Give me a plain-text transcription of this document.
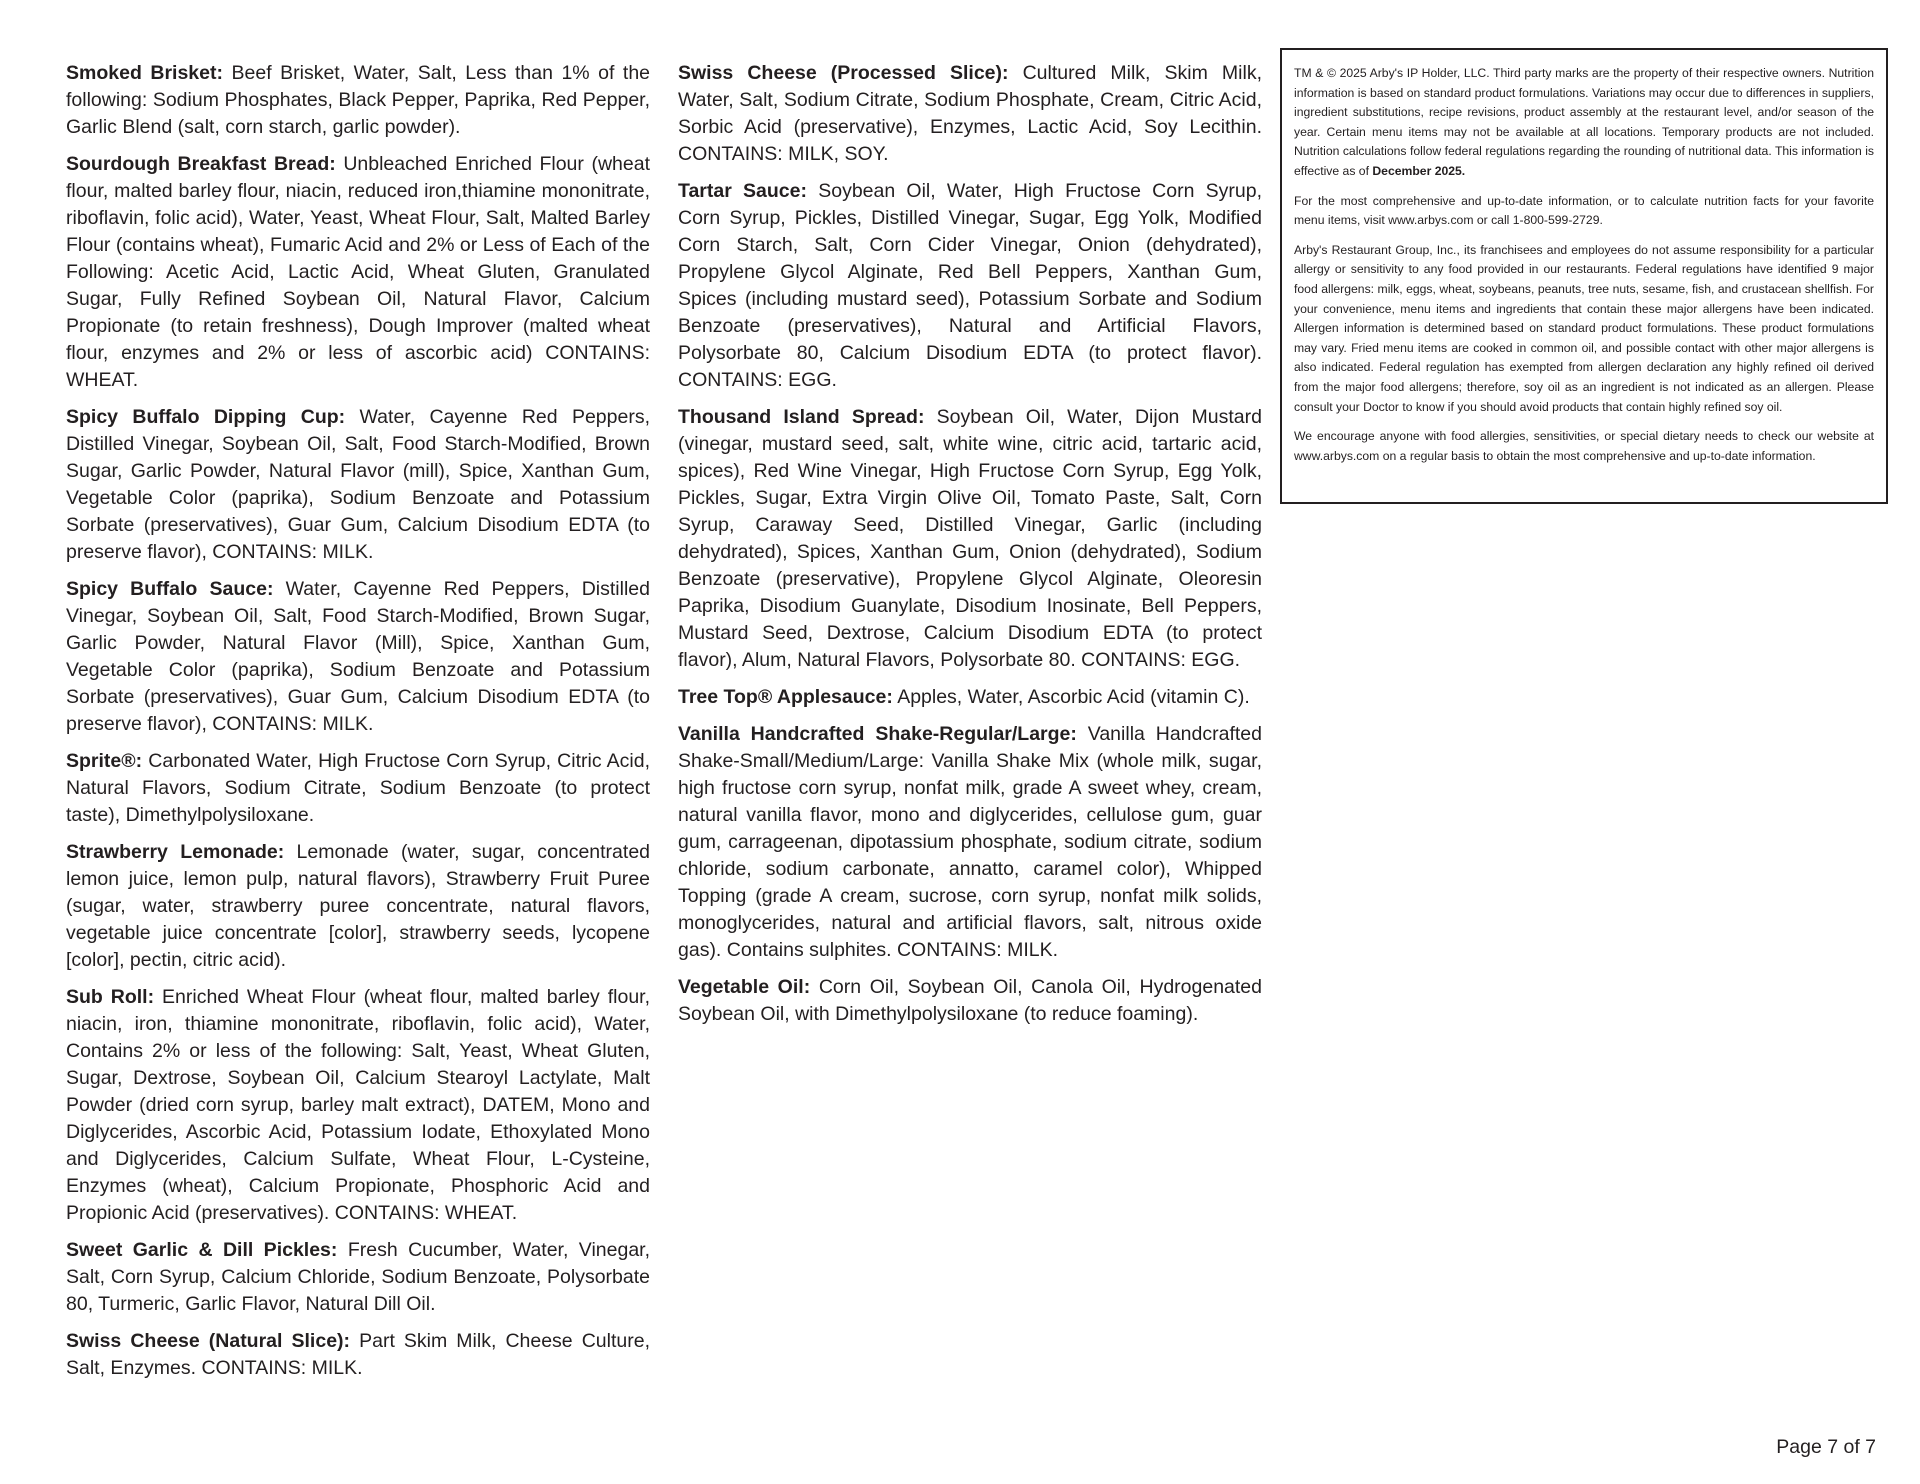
Smoked Brisket: Beef Brisket, Water, Salt, Less than 1% of the following: Sodium Phosphates, Black Pepper, Paprika, Red Pepper, Garlic Blend (salt, corn starch, garlic powder).

Sourdough Breakfast Bread: Unbleached Enriched Flour (wheat flour, malted barley flour, niacin, reduced iron,thiamine mononitrate, riboflavin, folic acid), Water, Yeast, Wheat Flour, Salt, Malted Barley Flour (contains wheat), Fumaric Acid and 2% or Less of Each of the Following: Acetic Acid, Lactic Acid, Wheat Gluten, Granulated Sugar, Fully Refined Soybean Oil, Natural Flavor, Calcium Propionate (to retain freshness), Dough Improver (malted wheat flour, enzymes and 2% or less of ascorbic acid) CONTAINS: WHEAT.

Spicy Buffalo Dipping Cup: Water, Cayenne Red Peppers, Distilled Vinegar, Soybean Oil, Salt, Food Starch-Modified, Brown Sugar, Garlic Powder, Natural Flavor (mill), Spice, Xanthan Gum, Vegetable Color (paprika), Sodium Benzoate and Potassium Sorbate (preservatives), Guar Gum, Calcium Disodium EDTA (to preserve flavor), CONTAINS: MILK.

Spicy Buffalo Sauce: Water, Cayenne Red Peppers, Distilled Vinegar, Soybean Oil, Salt, Food Starch-Modified, Brown Sugar, Garlic Powder, Natural Flavor (Mill), Spice, Xanthan Gum, Vegetable Color (paprika), Sodium Benzoate and Potassium Sorbate (preservatives), Guar Gum, Calcium Disodium EDTA (to preserve flavor), CONTAINS: MILK.

Sprite®: Carbonated Water, High Fructose Corn Syrup, Citric Acid, Natural Flavors, Sodium Citrate, Sodium Benzoate (to protect taste), Dimethylpolysiloxane.

Strawberry Lemonade: Lemonade (water, sugar, concentrated lemon juice, lemon pulp, natural flavors), Strawberry Fruit Puree (sugar, water, strawberry puree concentrate, natural flavors, vegetable juice concentrate [color], strawberry seeds, lycopene [color], pectin, citric acid).

Sub Roll: Enriched Wheat Flour (wheat flour, malted barley flour, niacin, iron, thiamine mononitrate, riboflavin, folic acid), Water, Contains 2% or less of the following: Salt, Yeast, Wheat Gluten, Sugar, Dextrose, Soybean Oil, Calcium Stearoyl Lactylate, Malt Powder (dried corn syrup, barley malt extract), DATEM, Mono and Diglycerides, Ascorbic Acid, Potassium Iodate, Ethoxylated Mono and Diglycerides, Calcium Sulfate, Wheat Flour, L-Cysteine, Enzymes (wheat), Calcium Propionate, Phosphoric Acid and Propionic Acid (preservatives). CONTAINS: WHEAT.

Sweet Garlic & Dill Pickles: Fresh Cucumber, Water, Vinegar, Salt, Corn Syrup, Calcium Chloride, Sodium Benzoate, Polysorbate 80, Turmeric, Garlic Flavor, Natural Dill Oil.

Swiss Cheese (Natural Slice): Part Skim Milk, Cheese Culture, Salt, Enzymes. CONTAINS: MILK.

Swiss Cheese (Processed Slice): Cultured Milk, Skim Milk, Water, Salt, Sodium Citrate, Sodium Phosphate, Cream, Citric Acid, Sorbic Acid (preservative), Enzymes, Lactic Acid, Soy Lecithin. CONTAINS: MILK, SOY.

Tartar Sauce: Soybean Oil, Water, High Fructose Corn Syrup, Corn Syrup, Pickles, Distilled Vinegar, Sugar, Egg Yolk, Modified Corn Starch, Salt, Corn Cider Vinegar, Onion (dehydrated), Propylene Glycol Alginate, Red Bell Peppers, Xanthan Gum, Spices (including mustard seed), Potassium Sorbate and Sodium Benzoate (preservatives), Natural and Artificial Flavors, Polysorbate 80, Calcium Disodium EDTA (to protect flavor). CONTAINS: EGG.

Thousand Island Spread: Soybean Oil, Water, Dijon Mustard (vinegar, mustard seed, salt, white wine, citric acid, tartaric acid, spices), Red Wine Vinegar, High Fructose Corn Syrup, Egg Yolk, Pickles, Sugar, Extra Virgin Olive Oil, Tomato Paste, Salt, Corn Syrup, Caraway Seed, Distilled Vinegar, Garlic (including dehydrated), Spices, Xanthan Gum, Onion (dehydrated), Sodium Benzoate (preservative), Propylene Glycol Alginate, Oleoresin Paprika, Disodium Guanylate, Disodium Inosinate, Bell Peppers, Mustard Seed, Dextrose, Calcium Disodium EDTA (to protect flavor), Alum, Natural Flavors, Polysorbate 80. CONTAINS: EGG.

Tree Top® Applesauce: Apples, Water, Ascorbic Acid (vitamin C).

Vanilla Handcrafted Shake-Regular/Large: Vanilla Handcrafted Shake-Small/Medium/Large: Vanilla Shake Mix (whole milk, sugar, high fructose corn syrup, nonfat milk, grade A sweet whey, cream, natural vanilla flavor, mono and diglycerides, cellulose gum, guar gum, carrageenan, dipotassium phosphate, sodium citrate, sodium chloride, sodium carbonate, annatto, caramel color), Whipped Topping (grade A cream, sucrose, corn syrup, nonfat milk solids, monoglycerides, natural and artificial flavors, salt, nitrous oxide gas). Contains sulphites. CONTAINS: MILK.

Vegetable Oil: Corn Oil, Soybean Oil, Canola Oil, Hydrogenated Soybean Oil, with Dimethylpolysiloxane (to reduce foaming).

TM & © 2025 Arby's IP Holder, LLC. Third party marks are the property of their respective owners. Nutrition information is based on standard product formulations. Variations may occur due to differences in suppliers, ingredient substitutions, recipe revisions, product assembly at the restaurant level, and/or season of the year. Certain menu items may not be available at all locations. Temporary products are not included. Nutrition calculations follow federal regulations regarding the rounding of nutritional data. This information is effective as of December 2025.

For the most comprehensive and up-to-date information, or to calculate nutrition facts for your favorite menu items, visit www.arbys.com or call 1-800-599-2729.

Arby's Restaurant Group, Inc., its franchisees and employees do not assume responsibility for a particular allergy or sensitivity to any food provided in our restaurants. Federal regulations have identified 9 major food allergens: milk, eggs, wheat, soybeans, peanuts, tree nuts, sesame, fish, and crustacean shellfish. For your convenience, menu items and ingredients that contain these major allergens have been indicated. Allergen information is determined based on standard product formulations. These product formulations may vary. Fried menu items are cooked in common oil, and possible contact with other major allergens is also indicated. Federal regulation has exempted from allergen declaration any highly refined oil derived from the major food allergens; therefore, soy oil as an ingredient is not indicated as an allergen. Please consult your Doctor to know if you should avoid products that contain highly refined soy oil.

We encourage anyone with food allergies, sensitivities, or special dietary needs to check our website at www.arbys.com on a regular basis to obtain the most comprehensive and up-to-date information.

Page 7 of 7
